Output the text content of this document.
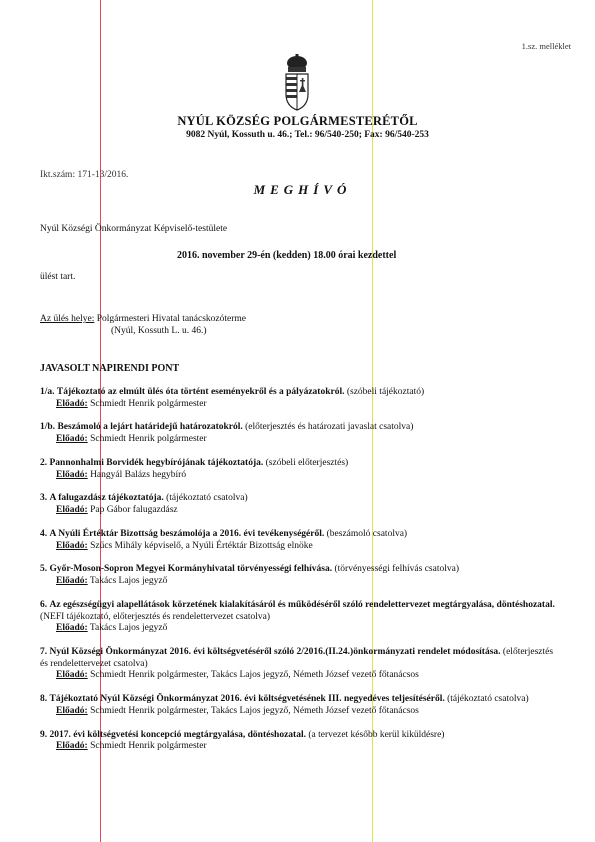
1.sz. melléklet
NYÚL KÖZSÉG POLGÁRMESTERÉTŐL
9082 Nyúl, Kossuth u. 46.; Tel.: 96/540-250; Fax: 96/540-253
Ikt.szám: 171-13/2016.
MEGHÍVÓ
Nyúl Községi Önkormányzat Képviselő-testülete
2016. november 29-én (kedden) 18.00 órai kezdettel
ülést tart.
Az ülés helye: Polgármesteri Hivatal tanácskozóterme
(Nyúl, Kossuth L. u. 46.)
JAVASOLT NAPIRENDI PONT
1/a. Tájékoztató az elmúlt ülés óta történt eseményekről és a pályázatokról. (szóbeli tájékoztató)
Előadó: Schmiedt Henrik polgármester
1/b. Beszámoló a lejárt határidejű határozatokról. (előterjesztés és határozati javaslat csatolva)
Előadó: Schmiedt Henrik polgármester
2. Pannonhalmi Borvidék hegybírójának tájékoztatója. (szóbeli előterjesztés)
Előadó: Hangyál Balázs hegybíró
3. A falugazdász tájékoztatója. (tájékoztató csatolva)
Előadó: Pap Gábor falugazdász
4. A Nyúli Értéktár Bizottság beszámolója a 2016. évi tevékenységéről. (beszámoló csatolva)
Előadó: Szűcs Mihály képviselő, a Nyúli Értéktár Bizottság elnöke
5. Győr-Moson-Sopron Megyei Kormányhivatal törvényességi felhívása. (törvényességi felhívás csatolva)
Előadó: Takács Lajos jegyző
6. Az egészségügyi alapellátások körzetének kialakításáról és működéséről szóló rendelettervezet megtárgyalása, döntéshozatal. (NEFI tájékoztató, előterjesztés és rendelettervezet csatolva)
Előadó: Takács Lajos jegyző
7. Nyúl Községi Önkormányzat 2016. évi költségvetéséről szóló 2/2016.(II.24.)önkormányzati rendelet módosítása. (előterjesztés és rendelettervezet csatolva)
Előadó: Schmiedt Henrik polgármester, Takács Lajos jegyző, Németh József vezető főtanácsos
8. Tájékoztató Nyúl Községi Önkormányzat 2016. évi költségvetésének III. negyedéves teljesítéséről. (tájékoztató csatolva)
Előadó: Schmiedt Henrik polgármester, Takács Lajos jegyző, Németh József vezető főtanácsos
9. 2017. évi költségvetési koncepció megtárgyalása, döntéshozatal. (a tervezet később kerül kiküldésre)
Előadó: Schmiedt Henrik polgármester
